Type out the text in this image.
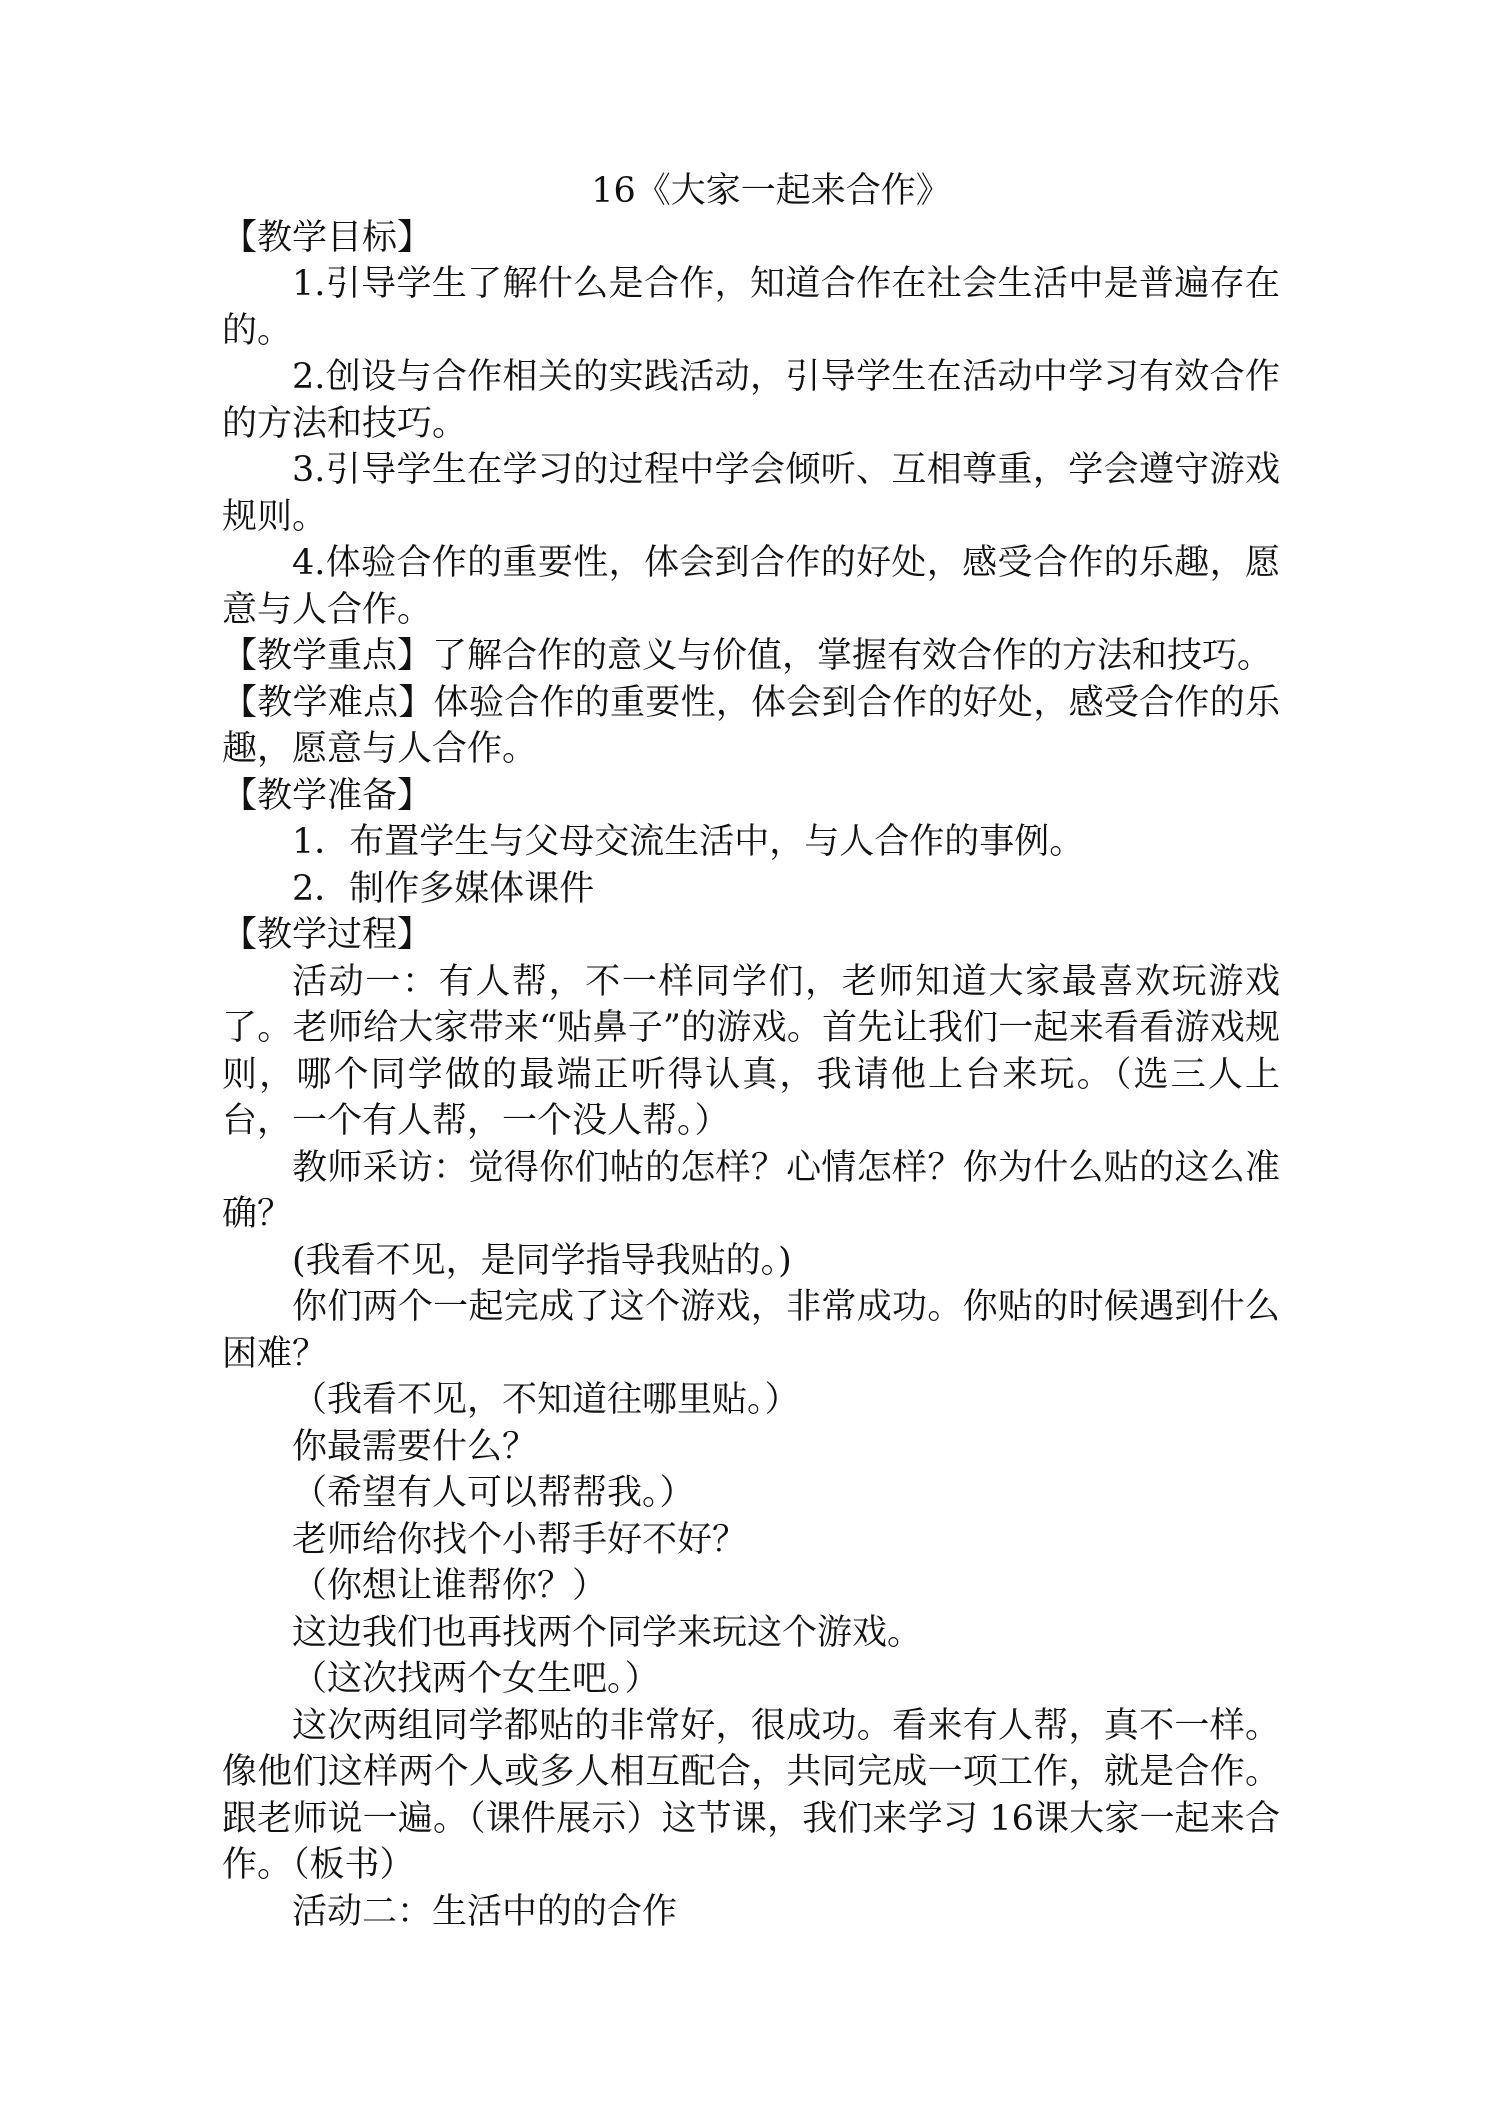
16《大家一起来合作》

【教学目标】

1.引导学生了解什么是合作，知道合作在社会生活中是普遍存在的。

2.创设与合作相关的实践活动，引导学生在活动中学习有效合作的方法和技巧。

3.引导学生在学习的过程中学会倾听、互相尊重，学会遵守游戏规则。

4.体验合作的重要性，体会到合作的好处，感受合作的乐趣，愿意与人合作。

【教学重点】了解合作的意义与价值，掌握有效合作的方法和技巧。

【教学难点】体验合作的重要性，体会到合作的好处，感受合作的乐趣，愿意与人合作。

【教学准备】

1．布置学生与父母交流生活中，与人合作的事例。

2．制作多媒体课件

【教学过程】

活动一：有人帮，不一样同学们，老师知道大家最喜欢玩游戏了。老师给大家带来“贴鼻子”的游戏。首先让我们一起来看看游戏规则，哪个同学做的最端正听得认真，我请他上台来玩。（选三人上台，一个有人帮，一个没人帮。）

教师采访：觉得你们帖的怎样？心情怎样？你为什么贴的这么准确？

(我看不见，是同学指导我贴的。)

你们两个一起完成了这个游戏，非常成功。你贴的时候遇到什么困难？

（我看不见，不知道往哪里贴。）

你最需要什么？

（希望有人可以帮帮我。）

老师给你找个小帮手好不好？

（你想让谁帮你？）

这边我们也再找两个同学来玩这个游戏。

（这次找两个女生吧。）

这次两组同学都贴的非常好，很成功。看来有人帮，真不一样。像他们这样两个人或多人相互配合，共同完成一项工作，就是合作。跟老师说一遍。（课件展示）这节课，我们来学习 16课大家一起来合作。（板书）

活动二：生活中的的合作
